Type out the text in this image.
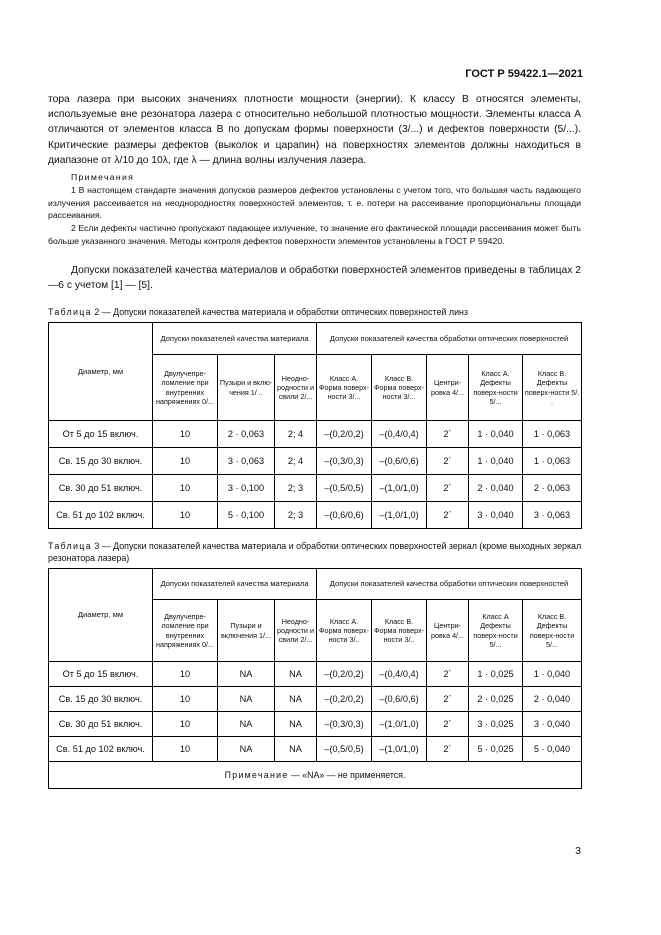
ГОСТ Р 59422.1—2021
тора лазера при высоких значениях плотности мощности (энергии). К классу В относятся элементы, используемые вне резонатора лазера с относительно небольшой плотностью мощности. Элементы класса А отличаются от элементов класса В по допускам формы поверхности (3/...) и дефектов поверхности (5/...). Критические размеры дефектов (выколок и царапин) на поверхностях элементов должны находиться в диапазоне от λ/10 до 10λ, где λ — длина волны излучения лазера.
Примечания
1 В настоящем стандарте значения допусков размеров дефектов установлены с учетом того, что большая часть падающего излучения рассеивается на неоднородностях поверхностей элементов, т. е. потери на рассеивание пропорциональны площади рассеивания.
2 Если дефекты частично пропускают падающее излучение, то значение его фактической площади рассеивания может быть больше указанного значения. Методы контроля дефектов поверхности элементов установлены в ГОСТ Р 59420.
Допуски показателей качества материалов и обработки поверхностей элементов приведены в таблицах 2—6 с учетом [1] — [5].
Таблица 2 — Допуски показателей качества материала и обработки оптических поверхностей линз
Диаметр, мм	Допуски показателей качества материала			Допуски показателей качества обработки оптических поверхностей				
	Двулучепре-ломление при внутренних напряжениях 0/...	Пузыри и вклю-чения 1/ ..	Неодно-родности и свили 2/...	Класс А. Форма поверх-ности 3/...	Класс В. Форма поверх-ности 3/...	Центри-ровка 4/...	Класс А. Дефекты поверх-ности 5/...	Класс В. Дефекты поверх-ности 5/. .
От 5 до 15 включ.	10	2 · 0,063	2; 4	–(0,2/0,2)	–(0,4/0,4)	2´	1 · 0,040	1 · 0,063
Св. 15 до 30 включ.	10	3 · 0,063	2; 4	–(0,3/0,3)	–(0,6/0,6)	2´	1 · 0,040	1 · 0,063
Св. 30 до 51 включ.	10	3 · 0,100	2; 3	–(0,5/0,5)	–(1,0/1,0)	2´	2 · 0,040	2 · 0,063
Св. 51 до 102 включ.	10	5 · 0,100	2; 3	–(0,6/0,6)	–(1,0/1,0)	2´	3 · 0,040	3 · 0,063
Таблица 3 — Допуски показателей качества материала и обработки оптических поверхностей зеркал (кроме выходных зеркал резонатора лазера)
Диаметр, мм	Допуски показателей качества материала			Допуски показателей качества обработки оптических поверхностей				
	Двулучепре-ломление при внутренних напряжениях 0/...	Пузыри и включения 1/...	Неодно-родности и свили 2/...	Класс А. Форма поверх-ности 3/..	Класс В. Форма поверх-ности 3/..	Центри-ровка 4/...	Класс А Дефекты поверх-ности 5/...	Класс В. Дефекты поверх-ности 5/...
От 5 до 15 включ.	10	NA	NA	–(0,2/0,2)	–(0,4/0,4)	2´	1 · 0,025	1 · 0,040
Св. 15 до 30 включ.	10	NA	NA	–(0,2/0,2)	–(0,6/0,6)	2´	2 · 0,025	2 · 0,040
Св. 30 до 51 включ.	10	NA	NA	–(0,3/0,3)	–(1,0/1,0)	2´	3 · 0,025	3 · 0,040
Св. 51 до 102 включ.	10	NA	NA	–(0,5/0,5)	–(1,0/1,0)	2´	5 · 0,025	5 · 0,040
Примечание — «NA» — не применяется.								
3
